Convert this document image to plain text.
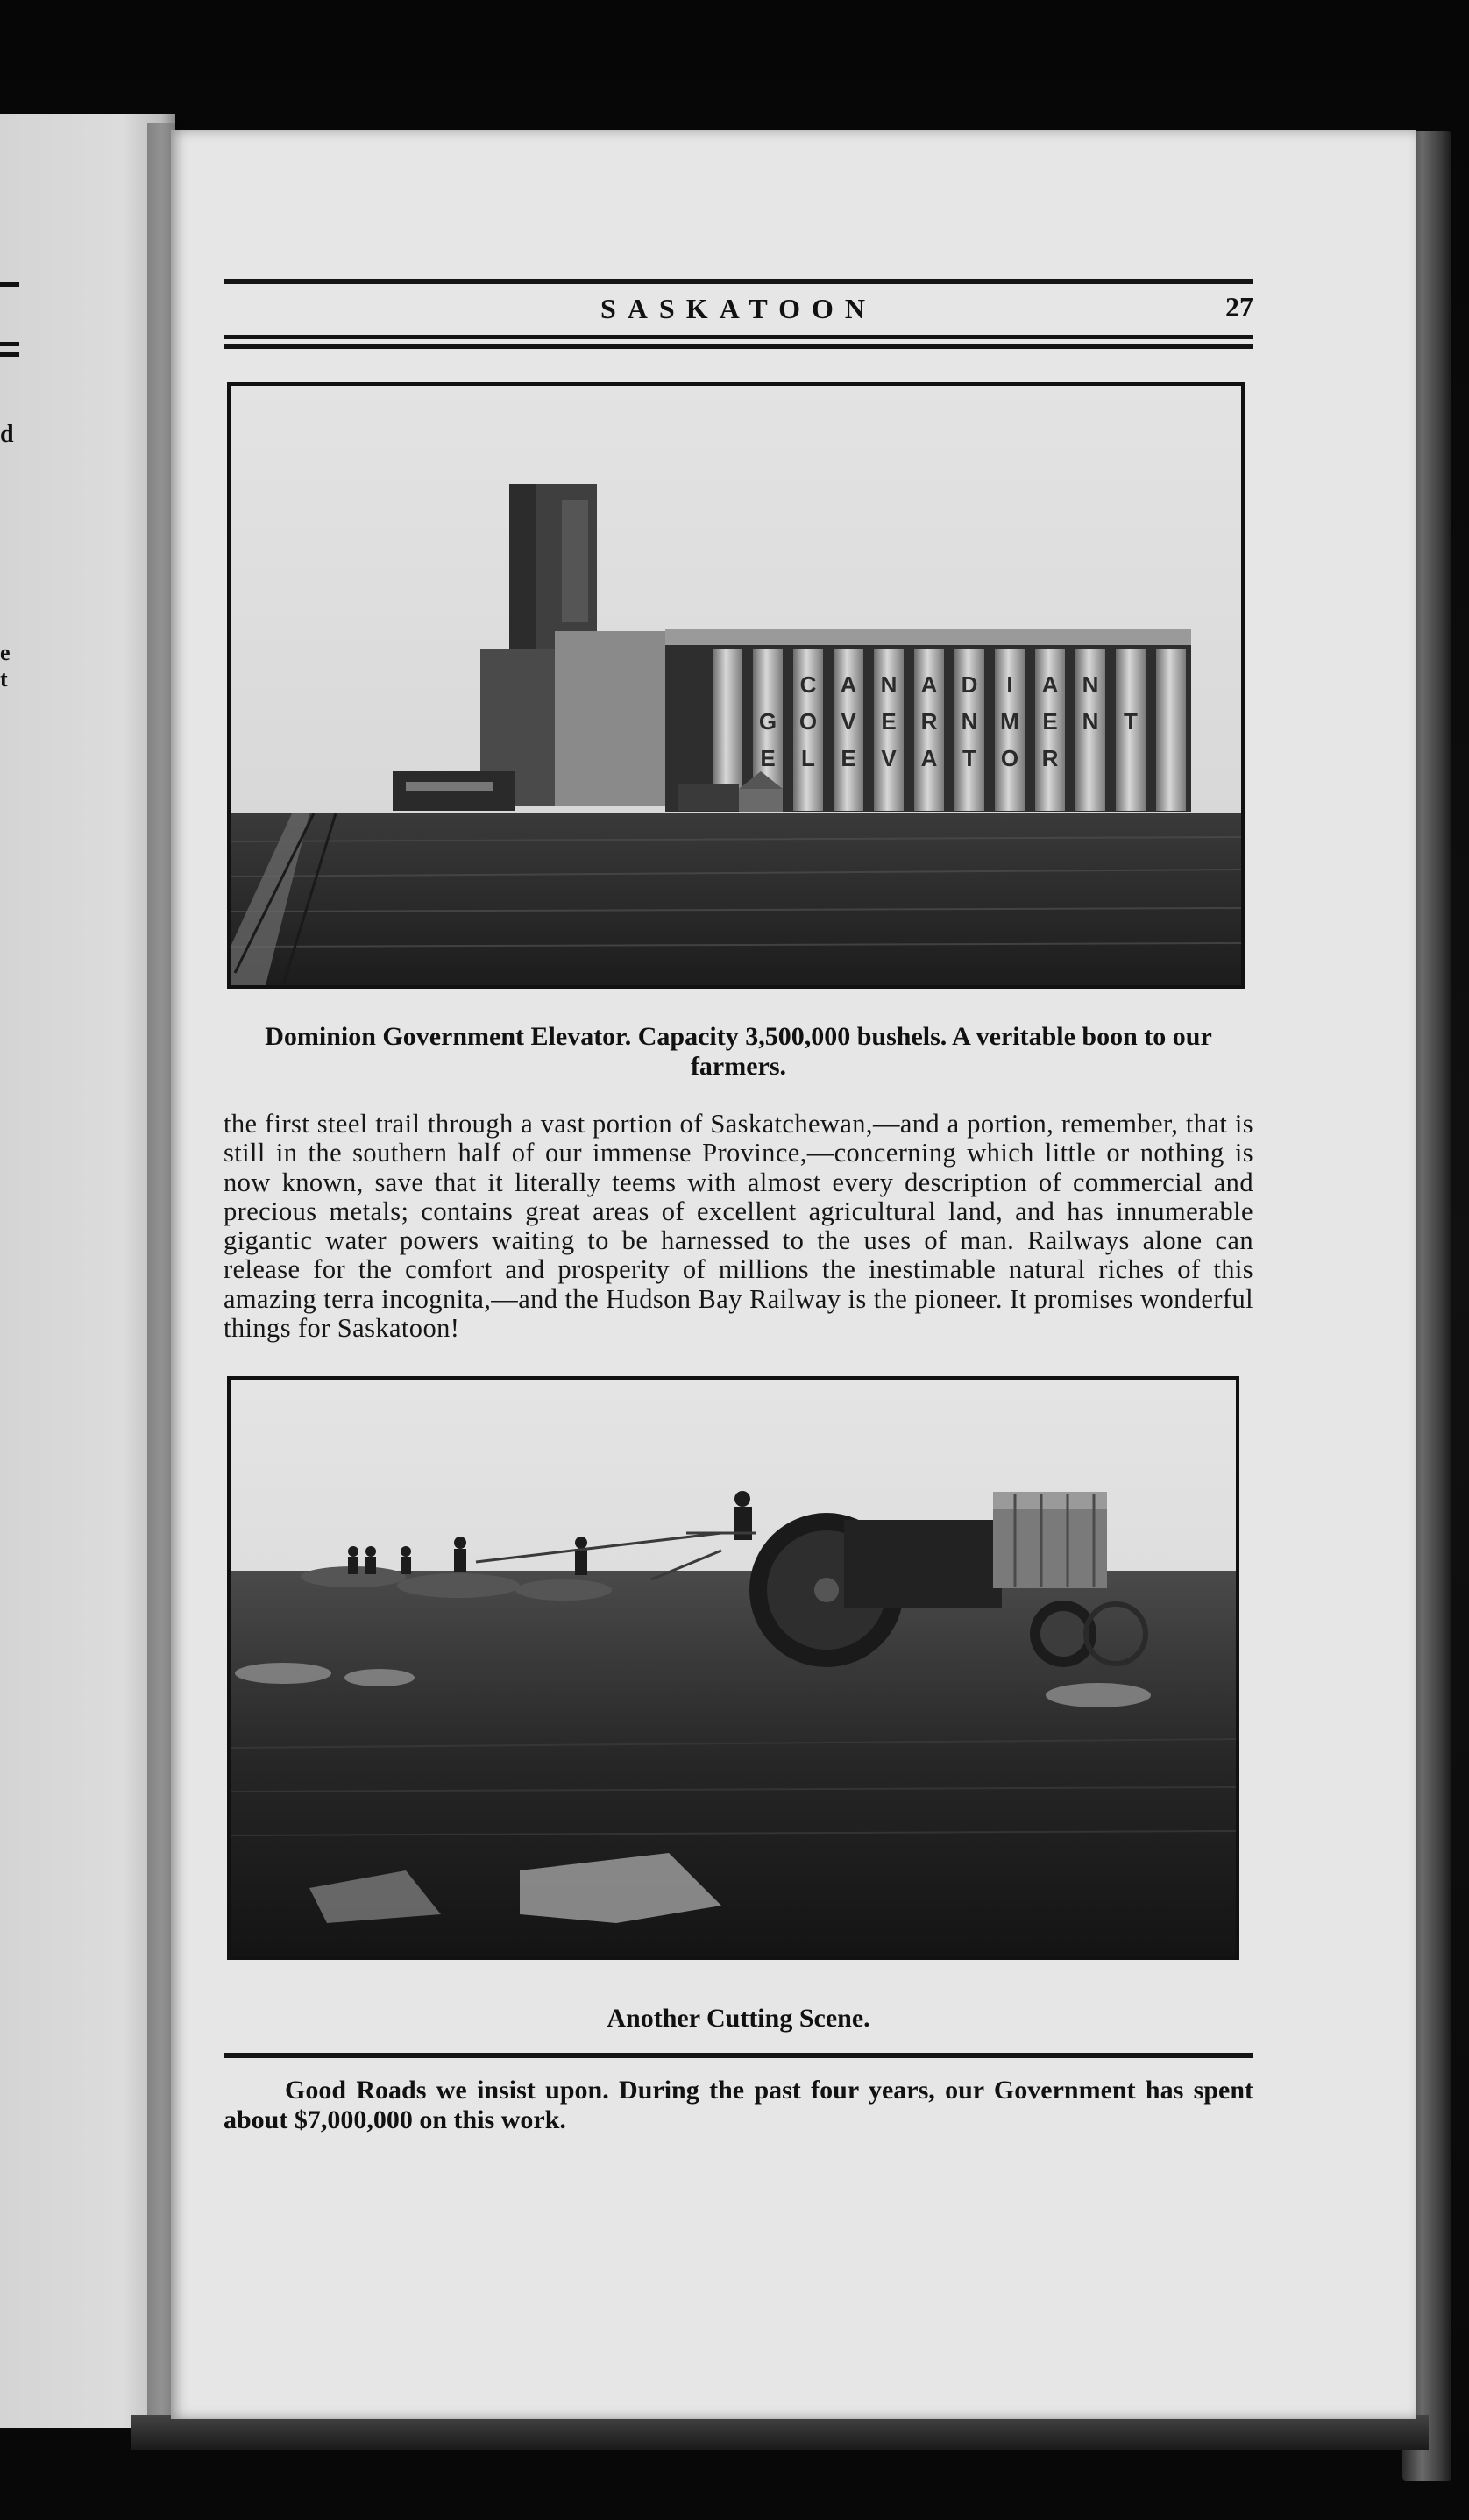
d
e
t
SASKATOON	27
C A N A D I A N
G O V E R N M E N T
E L E V A T O R
Dominion Government Elevator. Capacity 3,500,000 bushels. A veritable boon to our farmers.
the first steel trail through a vast portion of Saskatchewan,—and a portion, remember, that is still in the southern half of our immense Province,—concerning which little or nothing is now known, save that it literally teems with almost every description of commercial and precious metals; contains great areas of excellent agricultural land, and has innumerable gigantic water powers waiting to be harnessed to the uses of man. Railways alone can release for the comfort and prosperity of millions the inestimable natural riches of this amazing terra incognita,—and the Hudson Bay Railway is the pioneer. It promises wonderful things for Saskatoon!
Another Cutting Scene.
Good Roads we insist upon. During the past four years, our Government has spent about $7,000,000 on this work.
